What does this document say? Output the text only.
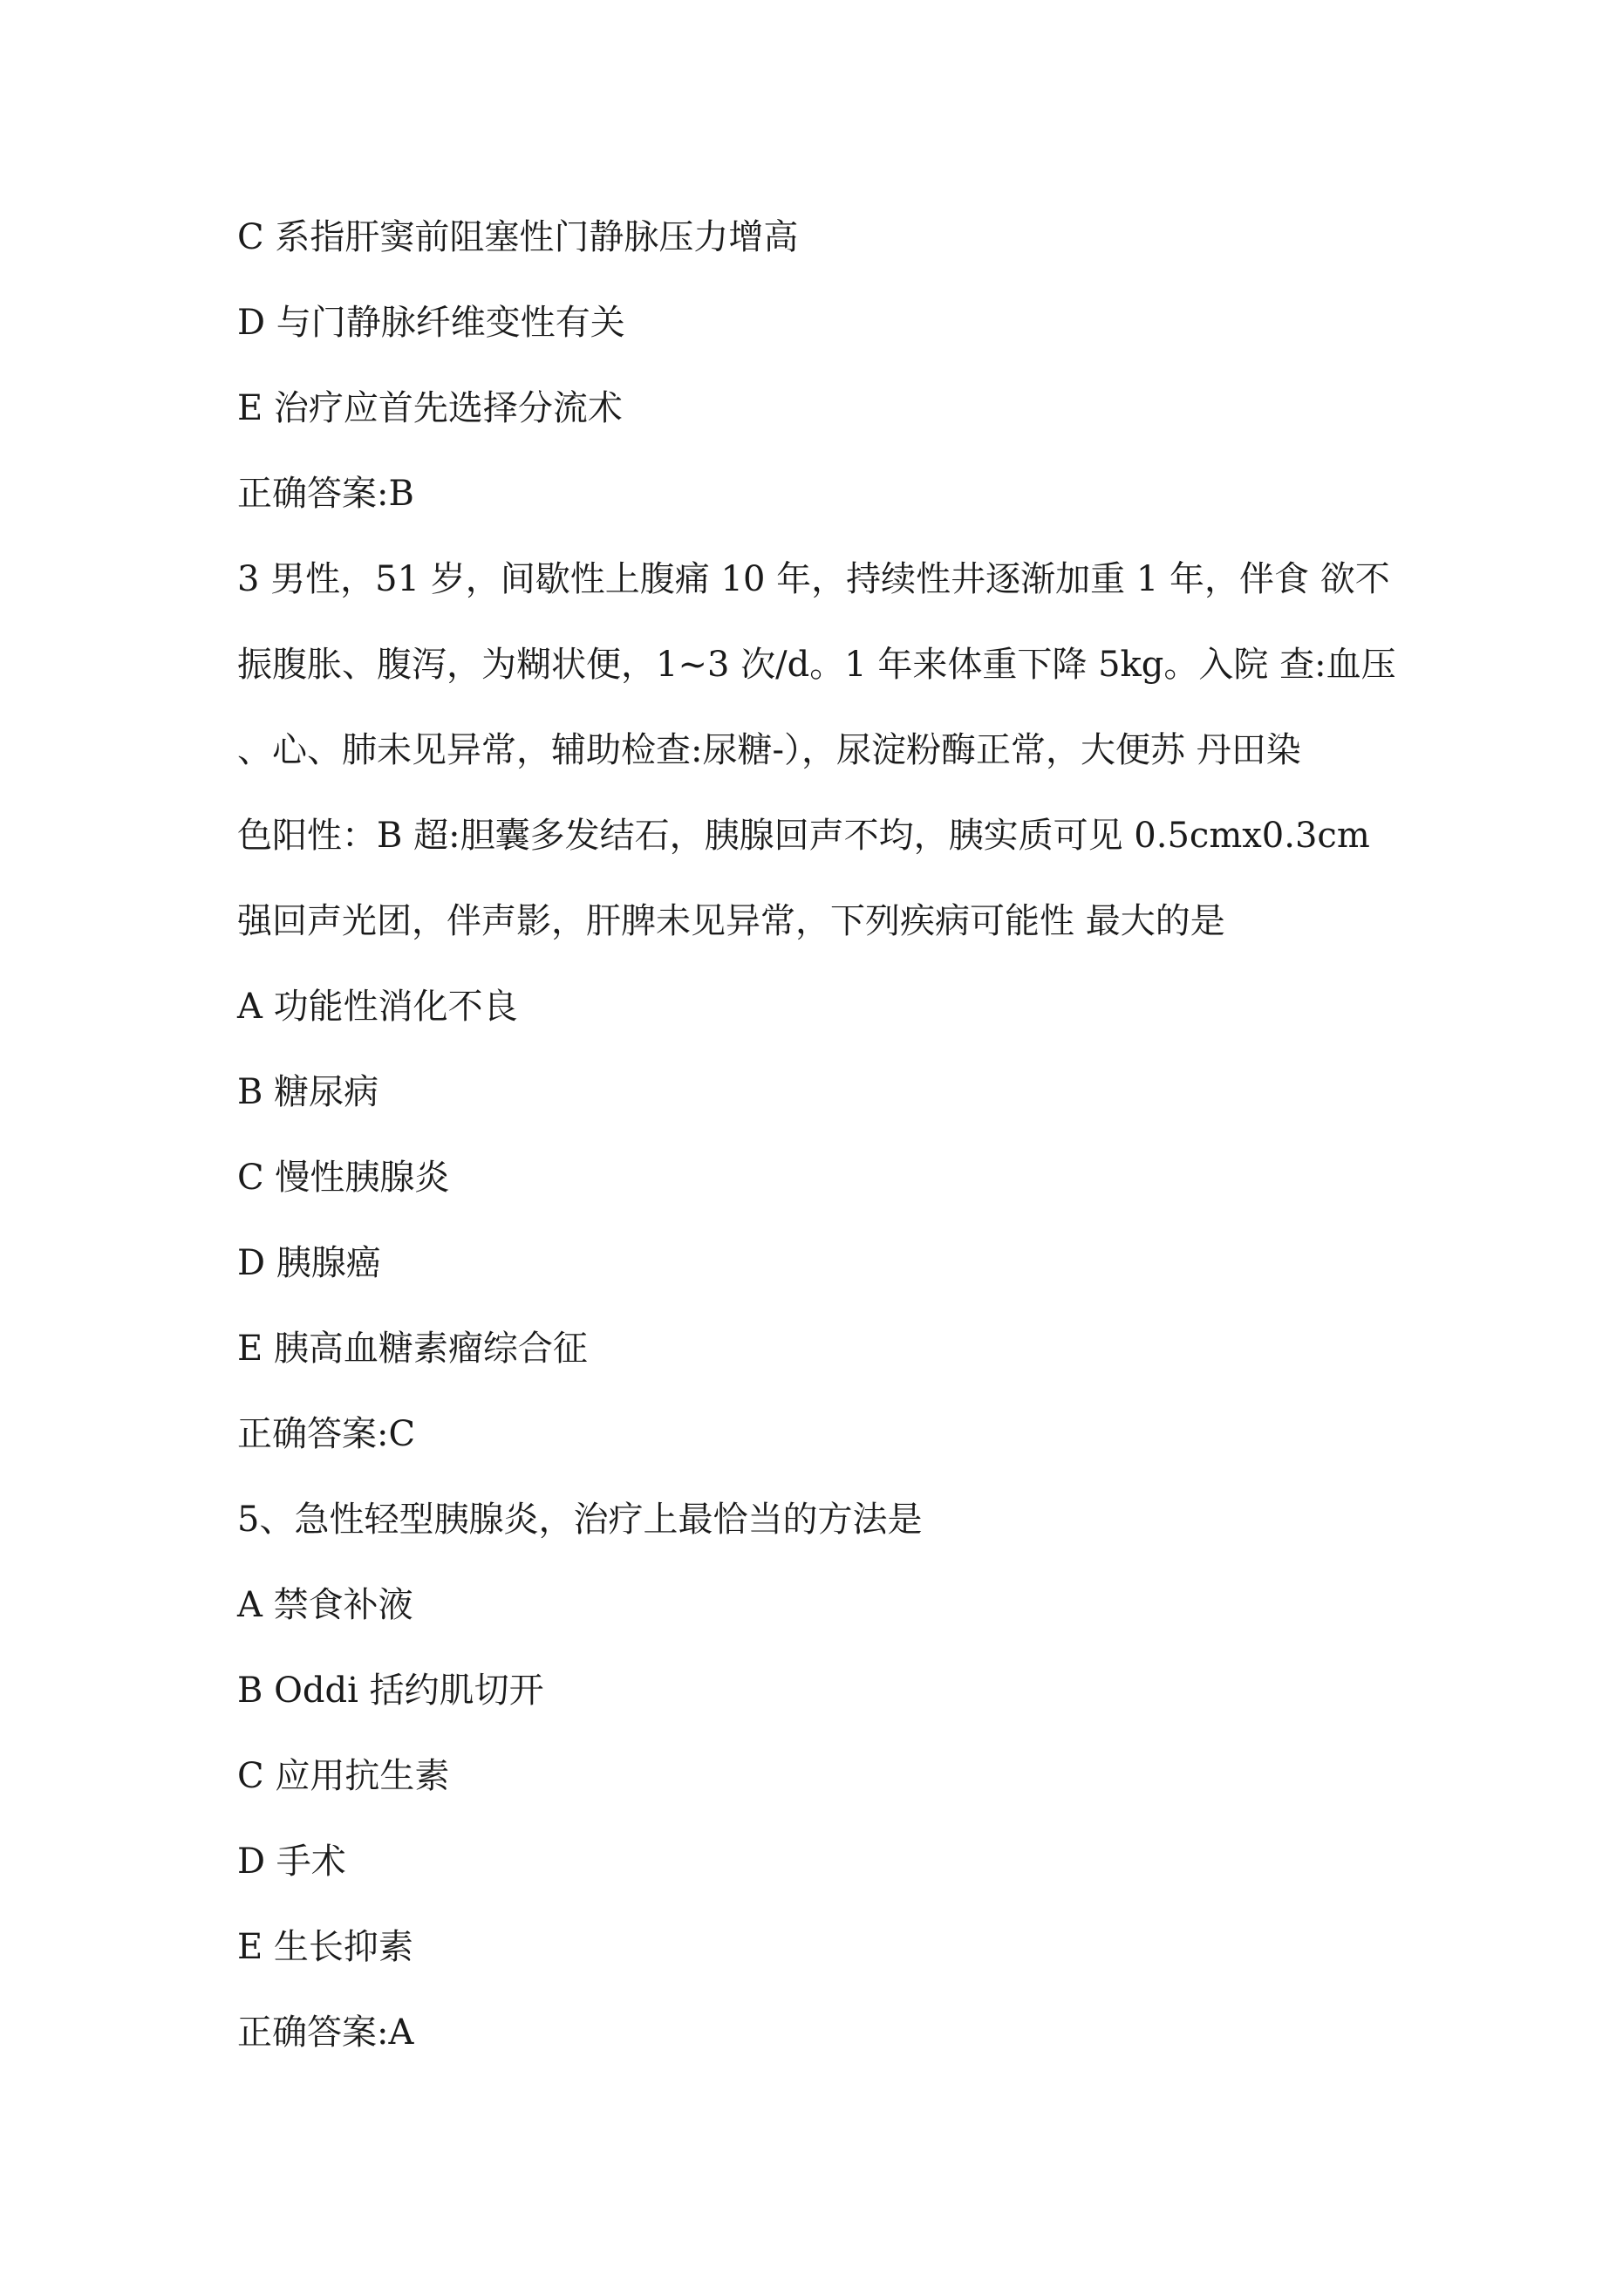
C 系指肝窦前阻塞性门静脉压力增高
D 与门静脉纤维变性有关
E 治疗应首先选择分流术
正确答案:B
3 男性，51 岁，间歇性上腹痛 10 年，持续性井逐渐加重 1 年，伴食 欲不
振腹胀、腹泻，为糊状便，1~3 次/d。1 年来体重下降 5kg。入院 查:血压
、心、肺未见异常，辅助检查:尿糖-），尿淀粉酶正常，大便苏 丹田染
色阳性：B 超:胆囊多发结石，胰腺回声不均，胰实质可见 0.5cmx0.3cm
强回声光团，伴声影，肝脾未见异常，下列疾病可能性 最大的是
A 功能性消化不良
B 糖尿病
C 慢性胰腺炎
D 胰腺癌
E 胰高血糖素瘤综合征
正确答案:C
5、急性轻型胰腺炎，治疗上最恰当的方法是
A 禁食补液
B Oddi 括约肌切开
C 应用抗生素
D 手术
E 生长抑素
正确答案:A
